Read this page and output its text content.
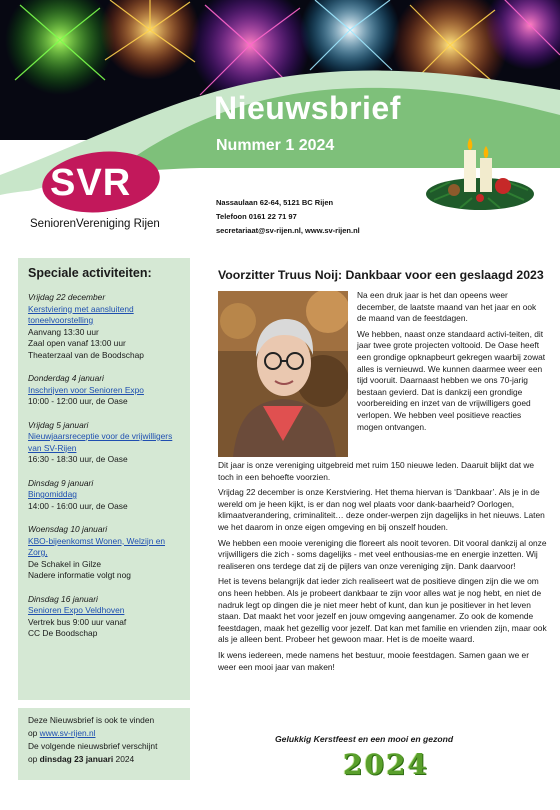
Nieuwsbrief
Nummer 1 2024
SVR
SeniorenVereniging Rijen
Nassaulaan 62-64, 5121 BC Rijen
Telefoon 0161 22 71 97
secretariaat@sv-rijen.nl, www.sv-rijen.nl
Speciale activiteiten:
Vrijdag 22 december
Kerstviering met aansluitend toneelvoorstelling
Aanvang 13:30 uur
Zaal open vanaf 13:00 uur
Theaterzaal van de Boodschap
Donderdag 4 januari
Inschrijven voor Senioren Expo
10:00 - 12:00 uur, de Oase
Vrijdag 5 januari
Nieuwjaarsreceptie voor de vrijwilligers van SV-Rijen
16:30 - 18:30 uur, de Oase
Dinsdag 9 januari
Bingomiddag
14:00 - 16:00 uur, de Oase
Woensdag 10 januari
KBO-bijeenkomst Wonen, Welzijn en Zorg,
De Schakel in Gilze
Nadere informatie volgt nog
Dinsdag 16 januari
Senioren Expo Veldhoven
Vertrek bus 9:00 uur vanaf
CC De Boodschap
Deze Nieuwsbrief is ook te vinden
op www.sv-rijen.nl
De volgende nieuwsbrief verschijnt
op dinsdag 23 januari 2024
Voorzitter Truus Noij: Dankbaar voor een geslaagd 2023

Na een druk jaar is het dan opeens weer december, de laatste maand van het jaar en ook de maand van de feestdagen.

We hebben, naast onze standaard activi-teiten, dit jaar twee grote projecten voltooid. De Oase heeft een grondige opknapbeurt gekregen waarbij zowat alles is vernieuwd. We kunnen daarmee weer een tijd vooruit. Daarnaast hebben we ons 70-jarig bestaan gevierd. Dat is dankzij een grondige voorbereiding en inzet van de vrijwilligers goed verlopen. We hebben veel positieve reacties mogen ontvangen.

Dit jaar is onze vereniging uitgebreid met ruim 150 nieuwe leden. Daaruit blijkt dat we toch in een behoefte voorzien.

Vrijdag 22 december is onze Kerstviering. Het thema hiervan is ‘Dankbaar’. Als je in de wereld om je heen kijkt, is er dan nog wel plaats voor dank-baarheid? Oorlogen, klimaatverandering, criminaliteit… deze onder-werpen zijn dagelijks in het nieuws. Laten we het daarom in onze eigen omgeving en bij onszelf houden.

We hebben een mooie vereniging die floreert als nooit tevoren. Dit vooral dankzij al onze vrijwilligers die zich - soms dagelijks - met veel enthousias-me en energie inzetten. Wij realiseren ons terdege dat zij de pijlers van onze vereniging zijn. Dank daarvoor!

Het is tevens belangrijk dat ieder zich realiseert wat de positieve dingen zijn die we om ons heen hebben. Als je probeert dankbaar te zijn voor alles wat je nog hebt, en niet de nadruk legt op dingen die je niet meer hebt of kunt, dan kun je positiever in het leven staan. Dat maakt het voor jezelf en jouw omgeving aangenamer. Zo ook de komende feestdagen, maak het gezellig voor jezelf. Dat kan met familie en vrienden zijn, maar ook als je alleen bent. Probeer het gewoon maar. Het is de moeite waard.

Ik wens iedereen, mede namens het bestuur, mooie feestdagen. Samen gaan we er weer een mooi jaar van maken!

Gelukkig Kerstfeest en een mooi en gezond
2024
